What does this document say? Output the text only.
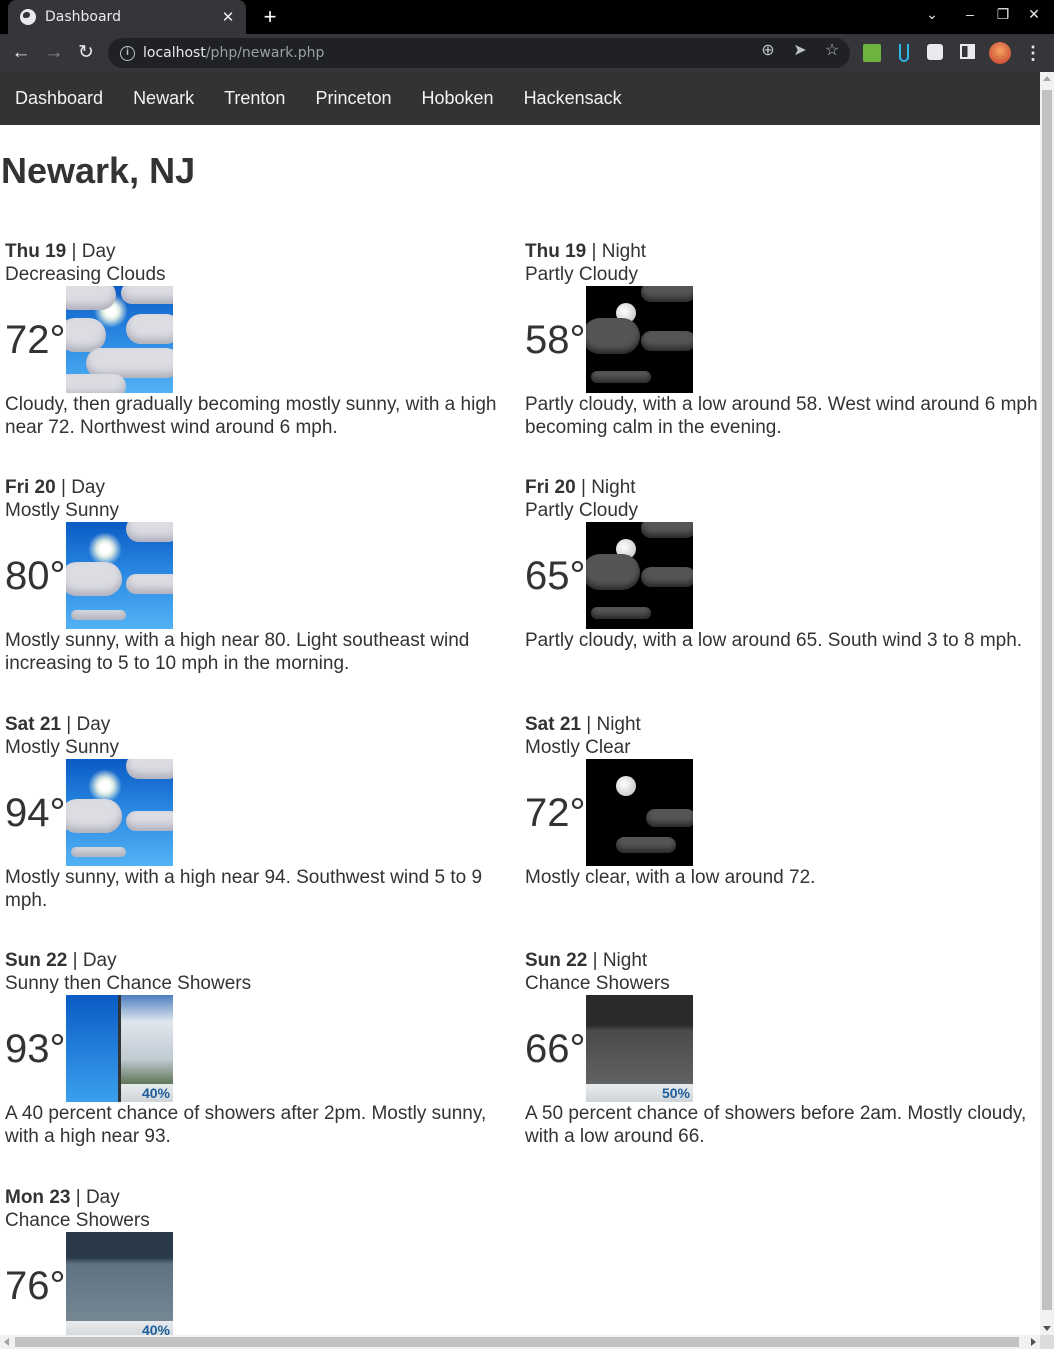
Dashboard	✕ +	⌄	–	❐	✕
← → ↻	i	localhost /php/newark.php	⊕ ➤ ☆	⋮
Dashboard	Newark	Trenton	Princeton	Hoboken	Hackensack
Newark, NJ
Thu 19 | Day
Decreasing Clouds
72°
Cloudy, then gradually becoming mostly sunny, with a high near 72. Northwest wind around 6 mph.
Thu 19 | Night
Partly Cloudy
58°
Partly cloudy, with a low around 58. West wind around 6 mph becoming calm in the evening.
Fri 20 | Day
Mostly Sunny
80°
Mostly sunny, with a high near 80. Light southeast wind increasing to 5 to 10 mph in the morning.
Fri 20 | Night
Partly Cloudy
65°
Partly cloudy, with a low around 65. South wind 3 to 8 mph.
Sat 21 | Day
Mostly Sunny
94°
Mostly sunny, with a high near 94. Southwest wind 5 to 9 mph.
Sat 21 | Night
Mostly Clear
72°
Mostly clear, with a low around 72.
Sun 22 | Day
Sunny then Chance Showers
93°
40%
A 40 percent chance of showers after 2pm. Mostly sunny, with a high near 93.
Sun 22 | Night
Chance Showers
66°
50%
A 50 percent chance of showers before 2am. Mostly cloudy, with a low around 66.
Mon 23 | Day
Chance Showers
76°
40%
